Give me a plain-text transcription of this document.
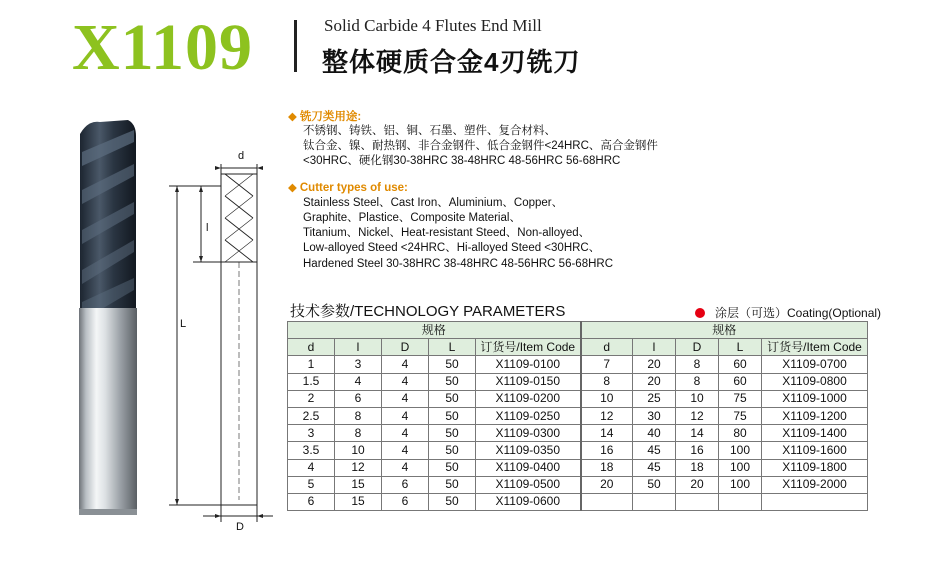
X1109	Solid Carbide 4 Flutes End Mill
整体硬质合金4刃铣刀
d
l
L
D
◆ 铣刀类用途:
不锈钢、铸铁、铝、铜、石墨、塑件、复合材料、
钛合金、镍、耐热钢、非合金钢件、低合金钢件<24HRC、高合金钢件
<30HRC、硬化钢30-38HRC 38-48HRC 48-56HRC 56-68HRC
◆ Cutter types of use:
Stainless Steel、Cast Iron、Aluminium、Copper、
Graphite、Plastice、Composite Material、
Titanium、Nickel、Heat-resistant Steed、Non-alloyed、
Low-alloyed Steed <24HRC、Hi-alloyed Steed <30HRC、
Hardened Steel 30-38HRC 38-48HRC 48-56HRC 56-68HRC
技术参数/TECHNOLOGY PARAMETERS	涂层（可选）Coating(Optional)
规格					规格				
d	l	D	L	订货号/Item Code	d	l	D	L	订货号/Item Code
1	3	4	50	X1109-0100	7	20	8	60	X1109-0700
1.5	4	4	50	X1109-0150	8	20	8	60	X1109-0800
2	6	4	50	X1109-0200	10	25	10	75	X1109-1000
2.5	8	4	50	X1109-0250	12	30	12	75	X1109-1200
3	8	4	50	X1109-0300	14	40	14	80	X1109-1400
3.5	10	4	50	X1109-0350	16	45	16	100	X1109-1600
4	12	4	50	X1109-0400	18	45	18	100	X1109-1800
5	15	6	50	X1109-0500	20	50	20	100	X1109-2000
6	15	6	50	X1109-0600					
